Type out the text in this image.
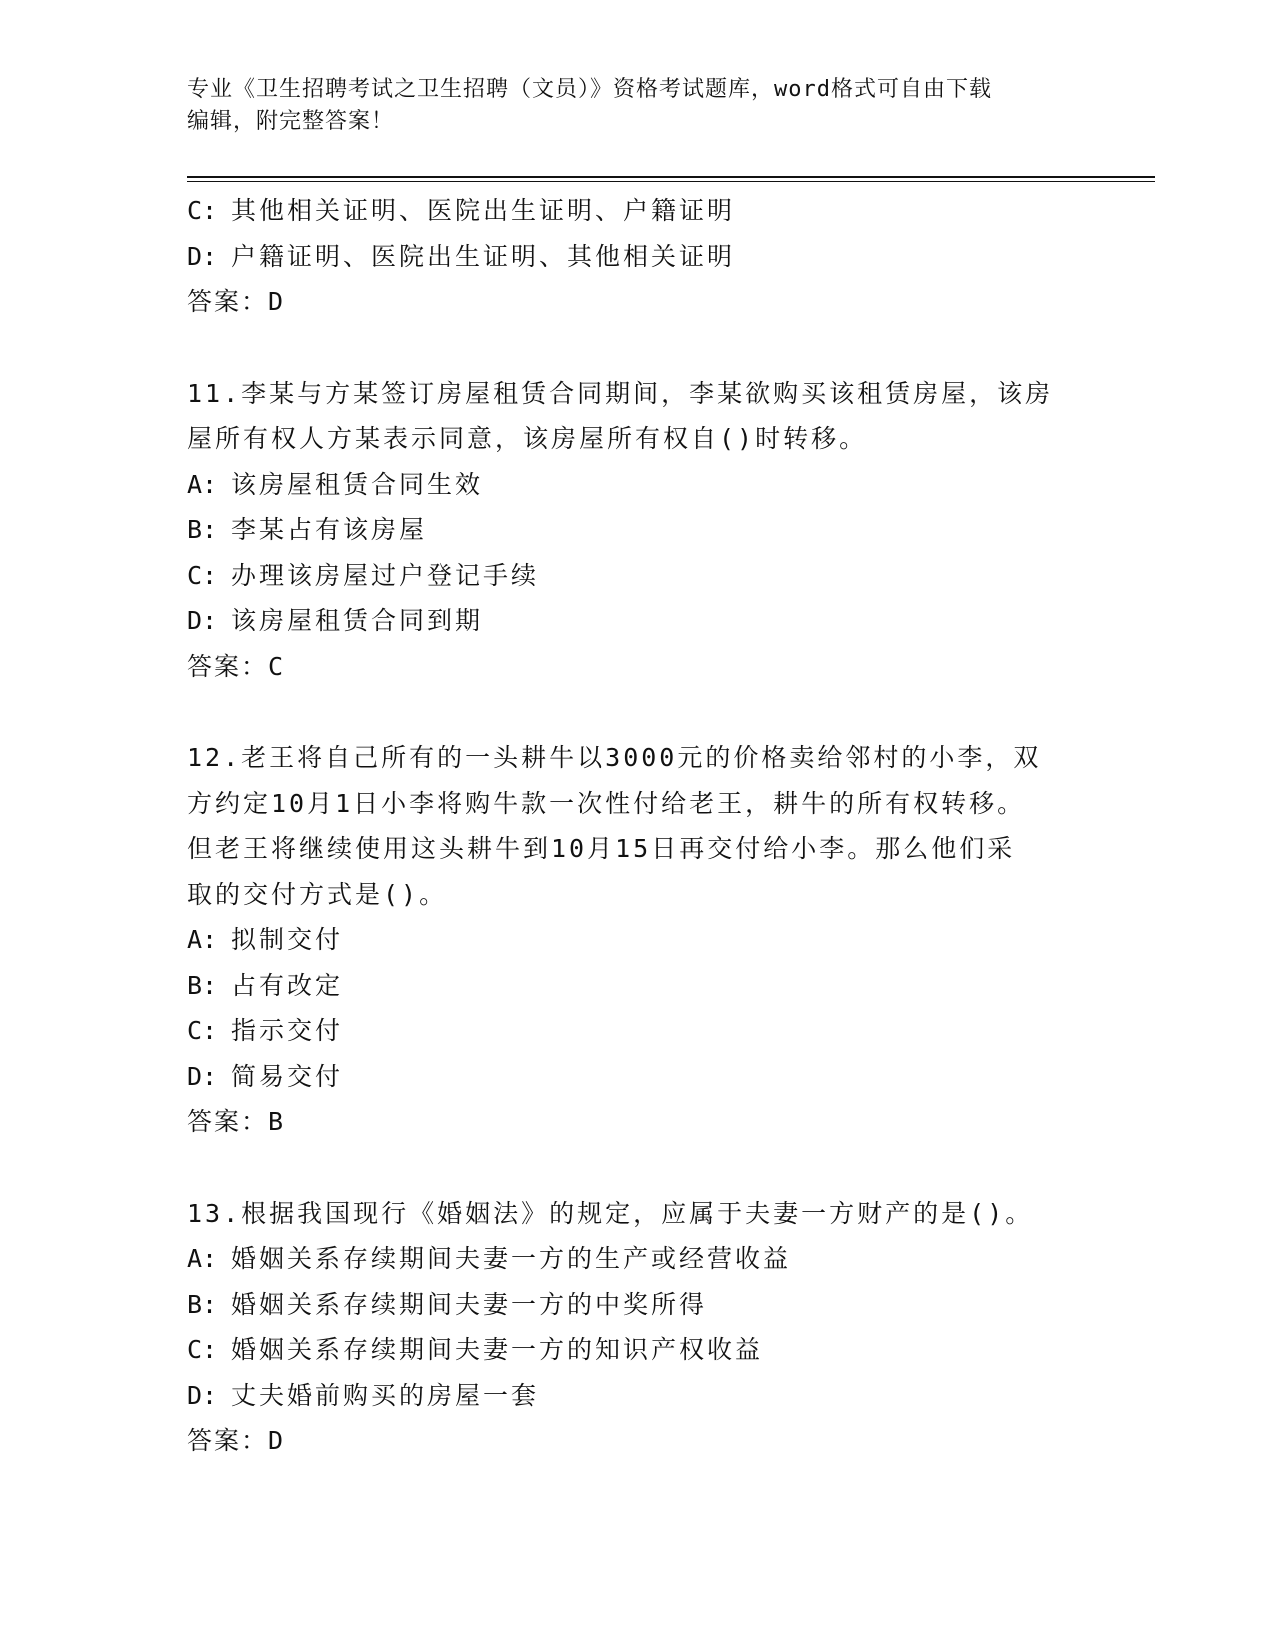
专业《卫生招聘考试之卫生招聘（文员）》资格考试题库，word格式可自由下载
编辑，附完整答案！
C: 其他相关证明、医院出生证明、户籍证明
D: 户籍证明、医院出生证明、其他相关证明
答案：D
11.李某与方某签订房屋租赁合同期间，李某欲购买该租赁房屋，该房
屋所有权人方某表示同意，该房屋所有权自()时转移。
A: 该房屋租赁合同生效
B: 李某占有该房屋
C: 办理该房屋过户登记手续
D: 该房屋租赁合同到期
答案：C
12.老王将自己所有的一头耕牛以3000元的价格卖给邻村的小李，双
方约定10月1日小李将购牛款一次性付给老王，耕牛的所有权转移。
但老王将继续使用这头耕牛到10月15日再交付给小李。那么他们采
取的交付方式是()。
A: 拟制交付
B: 占有改定
C: 指示交付
D: 简易交付
答案：B
13.根据我国现行《婚姻法》的规定，应属于夫妻一方财产的是()。
A: 婚姻关系存续期间夫妻一方的生产或经营收益
B: 婚姻关系存续期间夫妻一方的中奖所得
C: 婚姻关系存续期间夫妻一方的知识产权收益
D: 丈夫婚前购买的房屋一套
答案：D
